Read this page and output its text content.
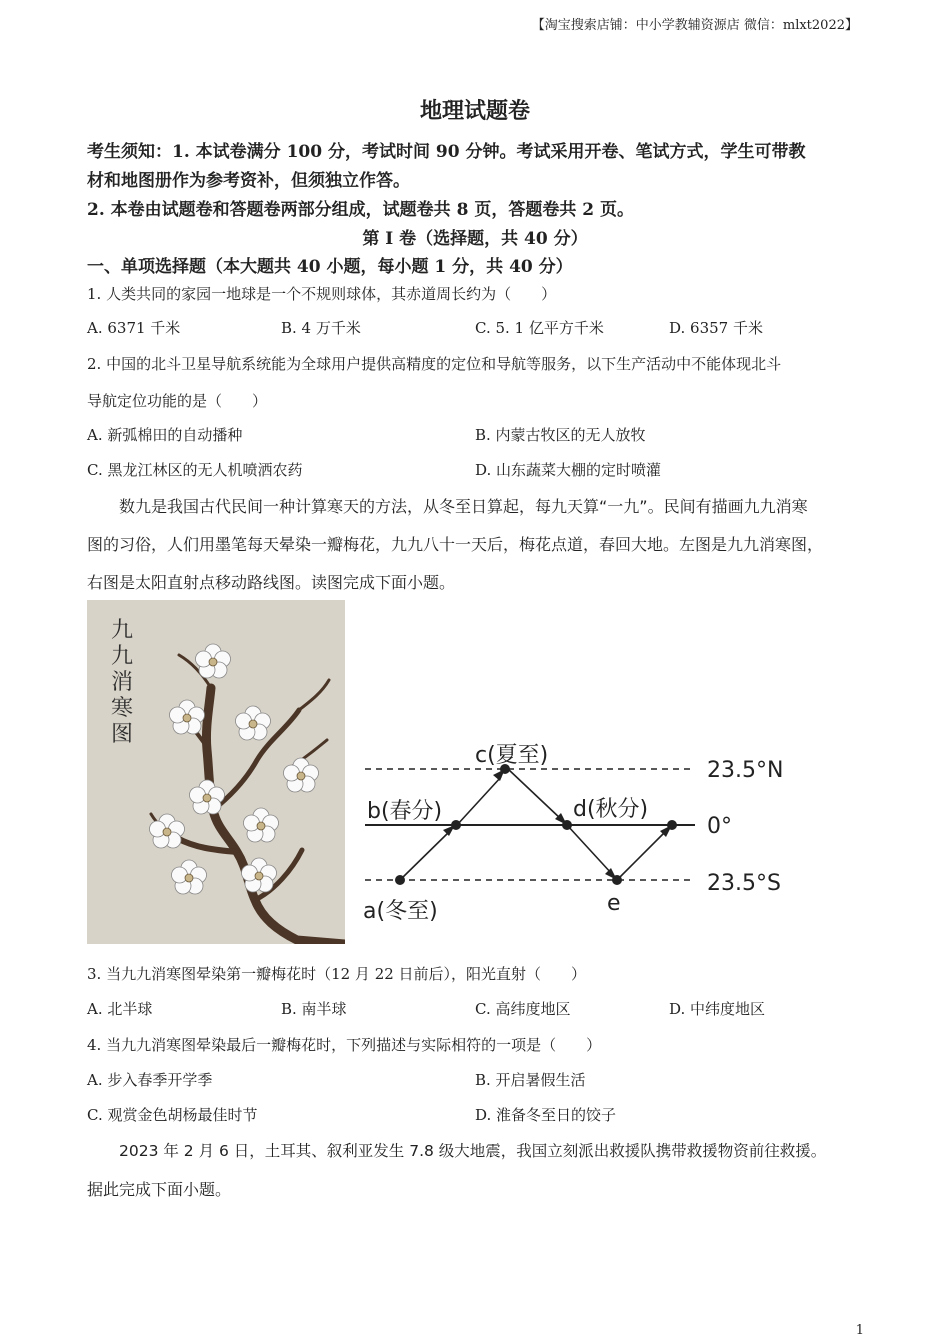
【淘宝搜索店铺：中小学教辅资源店 微信：mlxt2022】
地理试题卷
考生须知：1. 本试卷满分 100 分，考试时间 90 分钟。考试采用开卷、笔试方式，学生可带教
材和地图册作为参考资补，但须独立作答。
2. 本卷由试题卷和答题卷两部分组成，试题卷共 8 页，答题卷共 2 页。
第 I 卷（选择题，共 40 分）
一、单项选择题（本大题共 40 小题，每小题 1 分，共 40 分）
1. 人类共同的家园一地球是一个不规则球体，其赤道周长约为（　　）
A. 6371 千米	B. 4 万千米	C. 5. 1 亿平方千米	D. 6357 千米
2. 中国的北斗卫星导航系统能为全球用户提供高精度的定位和导航等服务，以下生产活动中不能体现北斗
导航定位功能的是（　　）
A. 新弧棉田的自动播种	B. 内蒙古牧区的无人放牧
C. 黑龙江林区的无人机喷洒农药	D. 山东蔬菜大棚的定时喷灌
数九是我国古代民间一种计算寒天的方法，从冬至日算起，每九天算“一九”。民间有描画九九消寒
图的习俗，人们用墨笔每天晕染一瓣梅花，九九八十一天后，梅花点道，春回大地。左图是九九消寒图，
右图是太阳直射点移动路线图。读图完成下面小题。
九
九
消
寒
图
c(夏至)
b(春分)	d(秋分)
a(冬至)	e
23.5°N
0°
23.5°S
3. 当九九消寒图晕染第一瓣梅花时（12 月 22 日前后），阳光直射（　　）
A. 北半球	B. 南半球	C. 高纬度地区	D. 中纬度地区
4. 当九九消寒图晕染最后一瓣梅花时，下列描述与实际相符的一项是（　　）
A. 步入春季开学季	B. 开启暑假生活
C. 观赏金色胡杨最佳时节	D. 淮备冬至日的饺子
2023 年 2 月 6 日，土耳其、叙利亚发生 7.8 级大地震，我国立刻派出救援队携带救援物资前往救援。
据此完成下面小题。
1
